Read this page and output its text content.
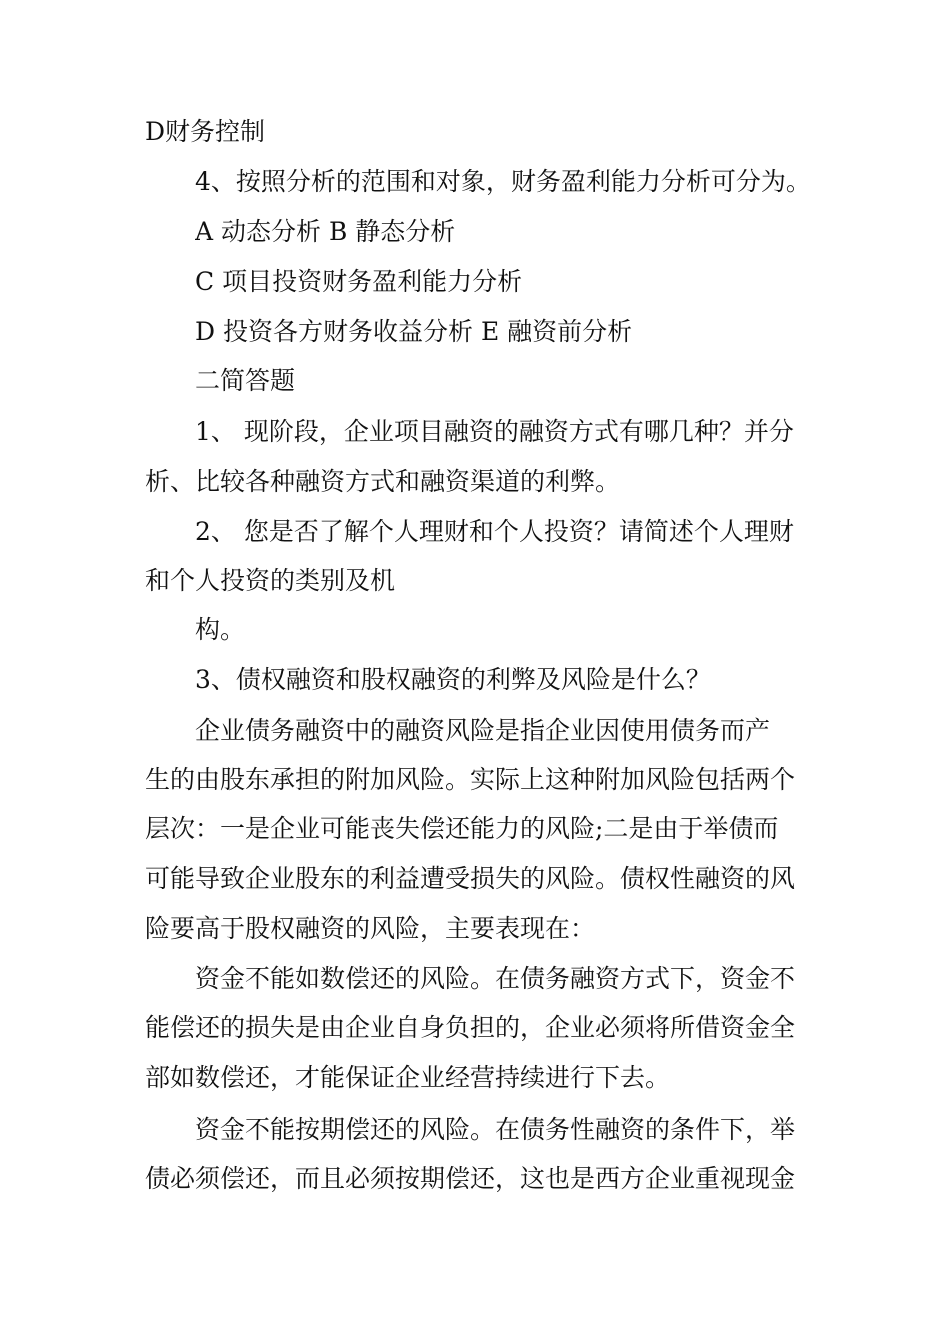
D财务控制
4、按照分析的范围和对象，财务盈利能力分析可分为。
A 动态分析 B 静态分析
C 项目投资财务盈利能力分析
D 投资各方财务收益分析 E 融资前分析
二简答题
1、 现阶段，企业项目融资的融资方式有哪几种？并分
析、比较各种融资方式和融资渠道的利弊。
2、 您是否了解个人理财和个人投资？请简述个人理财
和个人投资的类别及机
构。
3、债权融资和股权融资的利弊及风险是什么？
企业债务融资中的融资风险是指企业因使用债务而产
生的由股东承担的附加风险。实际上这种附加风险包括两个
层次：一是企业可能丧失偿还能力的风险;二是由于举债而
可能导致企业股东的利益遭受损失的风险。债权性融资的风
险要高于股权融资的风险，主要表现在：
资金不能如数偿还的风险。在债务融资方式下，资金不
能偿还的损失是由企业自身负担的，企业必须将所借资金全
部如数偿还，才能保证企业经营持续进行下去。
资金不能按期偿还的风险。在债务性融资的条件下，举
债必须偿还，而且必须按期偿还，这也是西方企业重视现金
